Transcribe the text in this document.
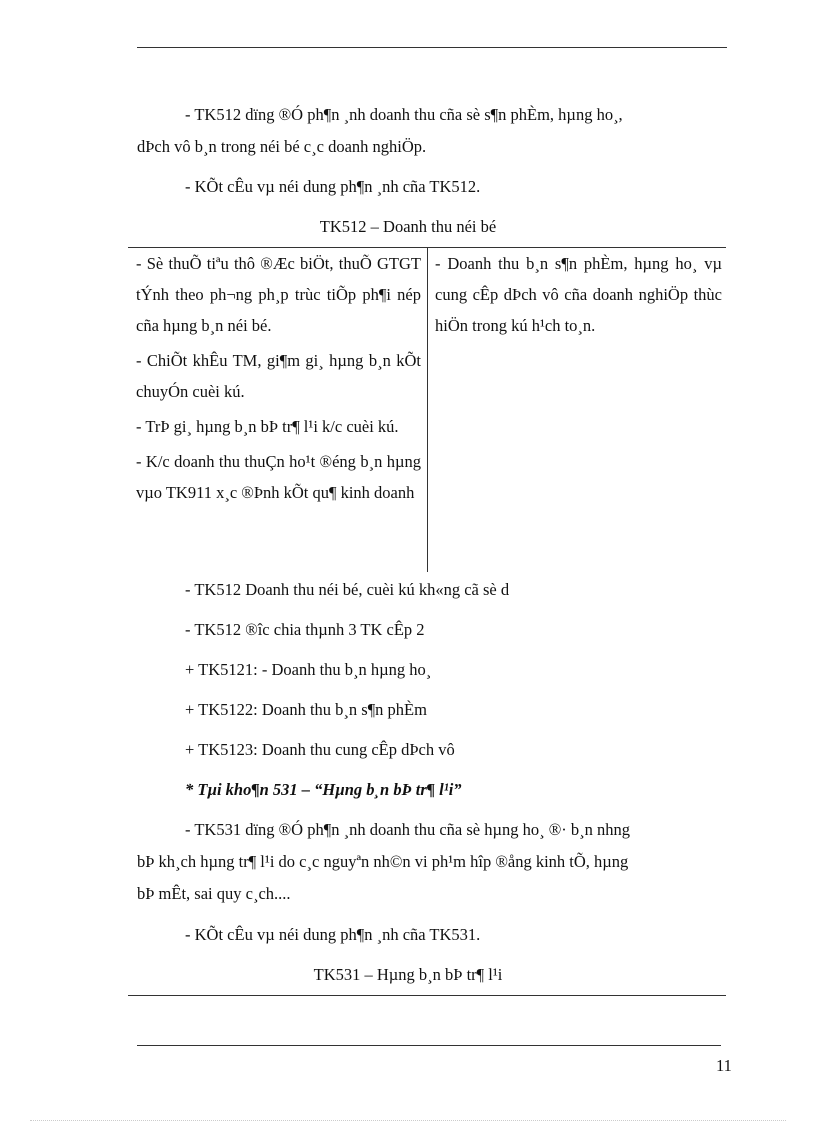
- TK512 dïng ®Ó ph¶n ¸nh doanh thu cña sè s¶n phÈm, hµng ho¸,
dÞch vô b¸n trong néi bé c¸c doanh nghiÖp.
- KÕt cÊu vµ néi dung ph¶n ¸nh cña TK512.
TK512 – Doanh thu néi bé
- Sè thuÕ tiªu thô ®Æc biÖt, thuÕ GTGT tÝnh theo ph¬ng ph¸p trùc tiÕp ph¶i nép cña hµng b¸n néi bé.
- ChiÕt khÊu TM, gi¶m gi¸ hµng b¸n kÕt chuyÓn cuèi kú.
- TrÞ gi¸ hµng b¸n bÞ tr¶ l¹i k/c cuèi kú.
- K/c doanh thu thuÇn ho¹t ®éng b¸n hµng vµo TK911 x¸c ®Þnh kÕt qu¶ kinh doanh
- Doanh thu b¸n s¶n phÈm, hµng ho¸ vµ cung cÊp dÞch vô cña doanh nghiÖp thùc hiÖn trong kú h¹ch to¸n.
- TK512 Doanh thu néi bé, cuèi kú kh«ng cã sè d
- TK512 ®îc chia thµnh 3 TK cÊp 2
+ TK5121: - Doanh thu b¸n hµng ho¸
+ TK5122: Doanh thu b¸n s¶n phÈm
+ TK5123: Doanh thu cung cÊp dÞch vô
* Tµi kho¶n 531 – “Hµng b¸n bÞ tr¶ l¹i”
- TK531 dïng ®Ó ph¶n ¸nh doanh thu cña sè hµng ho¸ ®· b¸n nhng
bÞ kh¸ch hµng tr¶ l¹i do c¸c nguyªn nh©n vi ph¹m hîp ®ång kinh tÕ, hµng
bÞ mÊt, sai quy c¸ch....
- KÕt cÊu vµ néi dung ph¶n ¸nh cña TK531.
TK531 – Hµng b¸n bÞ tr¶ l¹i
11
